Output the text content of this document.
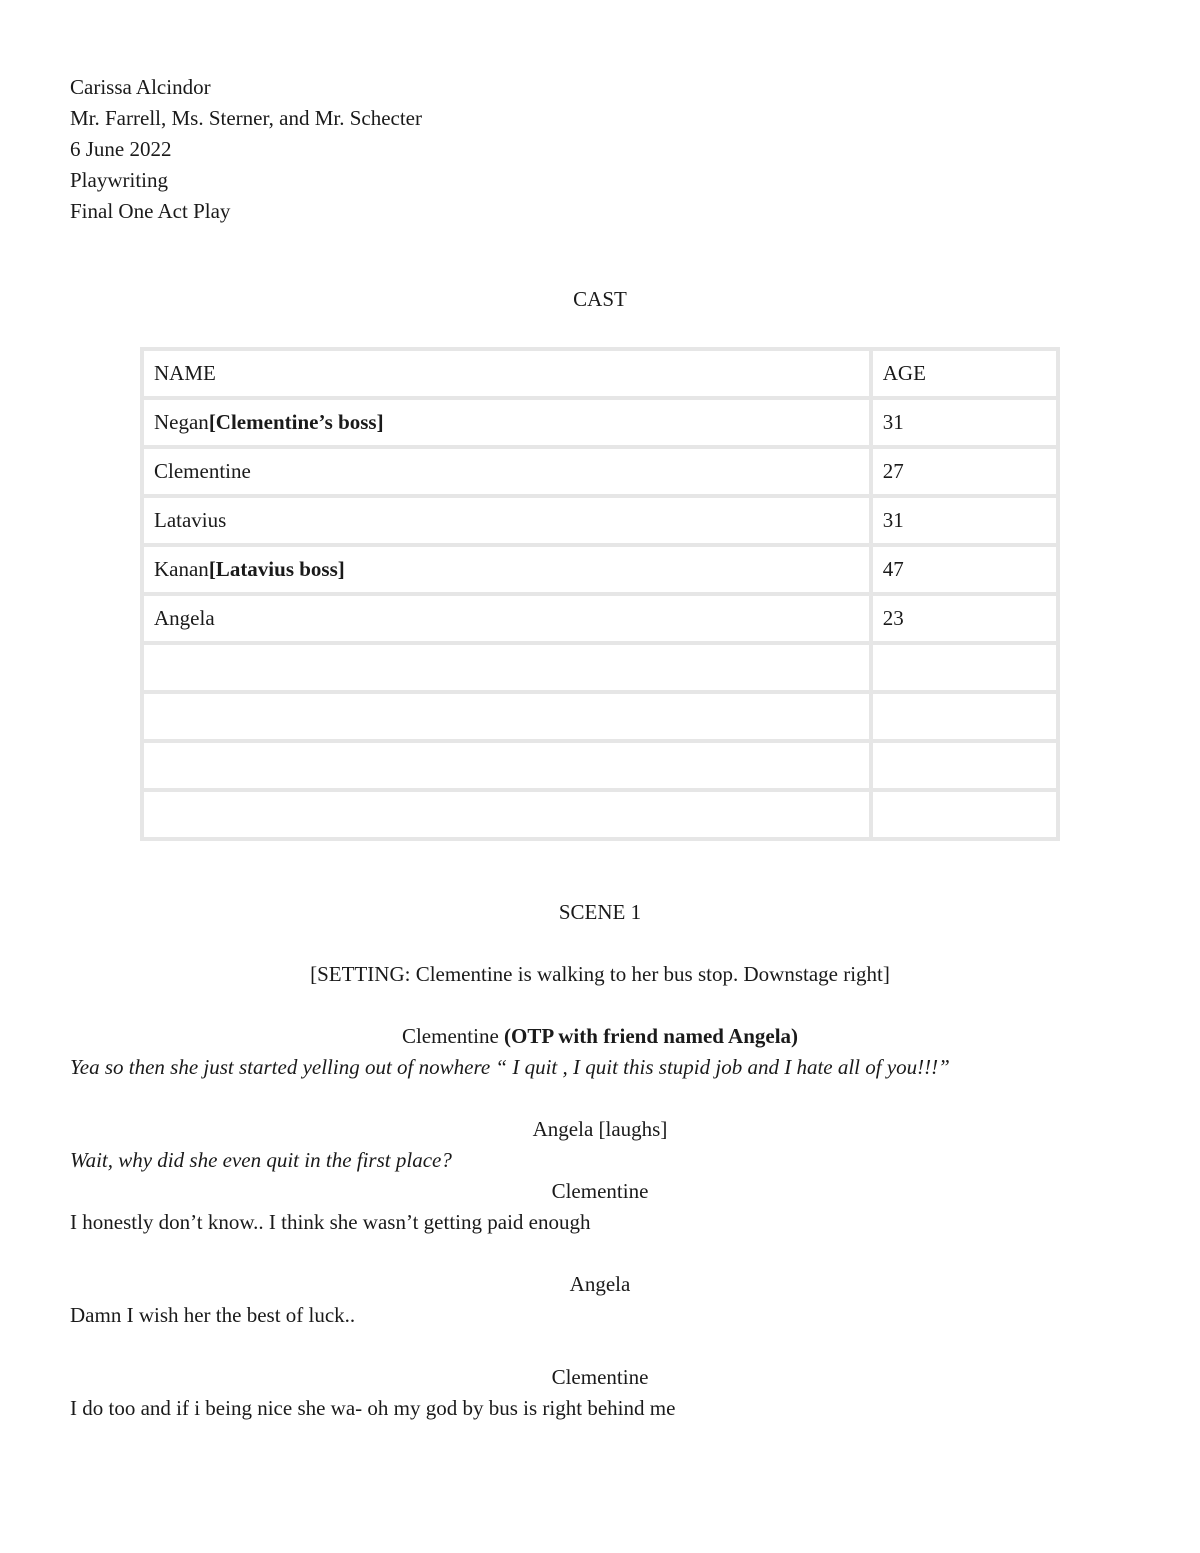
Carissa Alcindor
Mr. Farrell, Ms. Sterner, and Mr. Schecter
6 June 2022
Playwriting
Final One Act Play
CAST
NAME	AGE
Negan[Clementine’s boss]	31
Clementine	27
Latavius	31
Kanan[Latavius boss]	47
Angela	23

SCENE 1
[SETTING: Clementine is walking to her bus stop. Downstage right]
Clementine (OTP with friend named Angela)
Yea so then she just started yelling out of nowhere “ I quit , I quit this stupid job and I hate all of you!!!”
Angela [laughs]
Wait, why did she even quit in the first place?
Clementine
I honestly don’t know.. I think she wasn’t getting paid enough
Angela
Damn I wish her the best of luck..
Clementine
I do too and if i being nice she wa- oh my god by bus is right behind me
